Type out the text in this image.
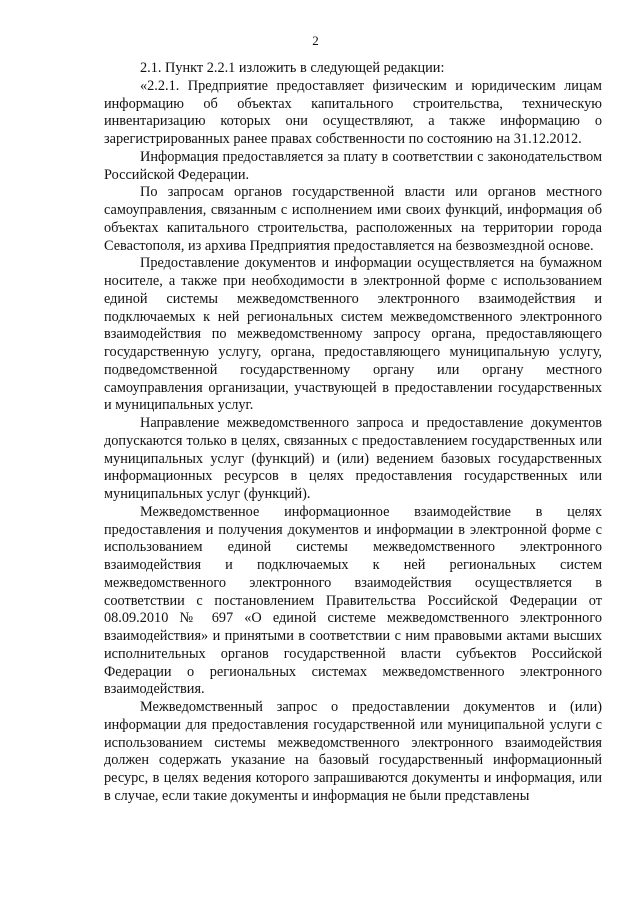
2

2.1. Пункт 2.2.1 изложить в следующей редакции:

«2.2.1. Предприятие предоставляет физическим и юридическим лицам информацию об объектах капитального строительства, техническую инвентаризацию которых они осуществляют, а также информацию о зарегистрированных ранее правах собственности по состоянию на 31.12.2012.

Информация предоставляется за плату в соответствии с законодательством Российской Федерации.

По запросам органов государственной власти или органов местного самоуправления, связанным с исполнением ими своих функций, информация об объектах капитального строительства, расположенных на территории города Севастополя, из архива Предприятия предоставляется на безвозмездной основе.

Предоставление документов и информации осуществляется на бумажном носителе, а также при необходимости в электронной форме с использованием единой системы межведомственного электронного взаимодействия и подключаемых к ней региональных систем межведомственного электронного взаимодействия по межведомственному запросу органа, предоставляющего государственную услугу, органа, предоставляющего муниципальную услугу, подведомственной государственному органу или органу местного самоуправления организации, участвующей в предоставлении государственных и муниципальных услуг.

Направление межведомственного запроса и предоставление документов допускаются только в целях, связанных с предоставлением государственных или муниципальных услуг (функций) и (или) ведением базовых государственных информационных ресурсов в целях предоставления государственных или муниципальных услуг (функций).

Межведомственное информационное взаимодействие в целях предоставления и получения документов и информации в электронной форме с использованием единой системы межведомственного электронного взаимодействия и подключаемых к ней региональных систем межведомственного электронного взаимодействия осуществляется в соответствии с постановлением Правительства Российской Федерации от 08.09.2010 № 697 «О единой системе межведомственного электронного взаимодействия» и принятыми в соответствии с ним правовыми актами высших исполнительных органов государственной власти субъектов Российской Федерации о региональных системах межведомственного электронного взаимодействия.

Межведомственный запрос о предоставлении документов и (или) информации для предоставления государственной или муниципальной услуги с использованием системы межведомственного электронного взаимодействия должен содержать указание на базовый государственный информационный ресурс, в целях ведения которого запрашиваются документы и информация, или в случае, если такие документы и информация не были представлены
